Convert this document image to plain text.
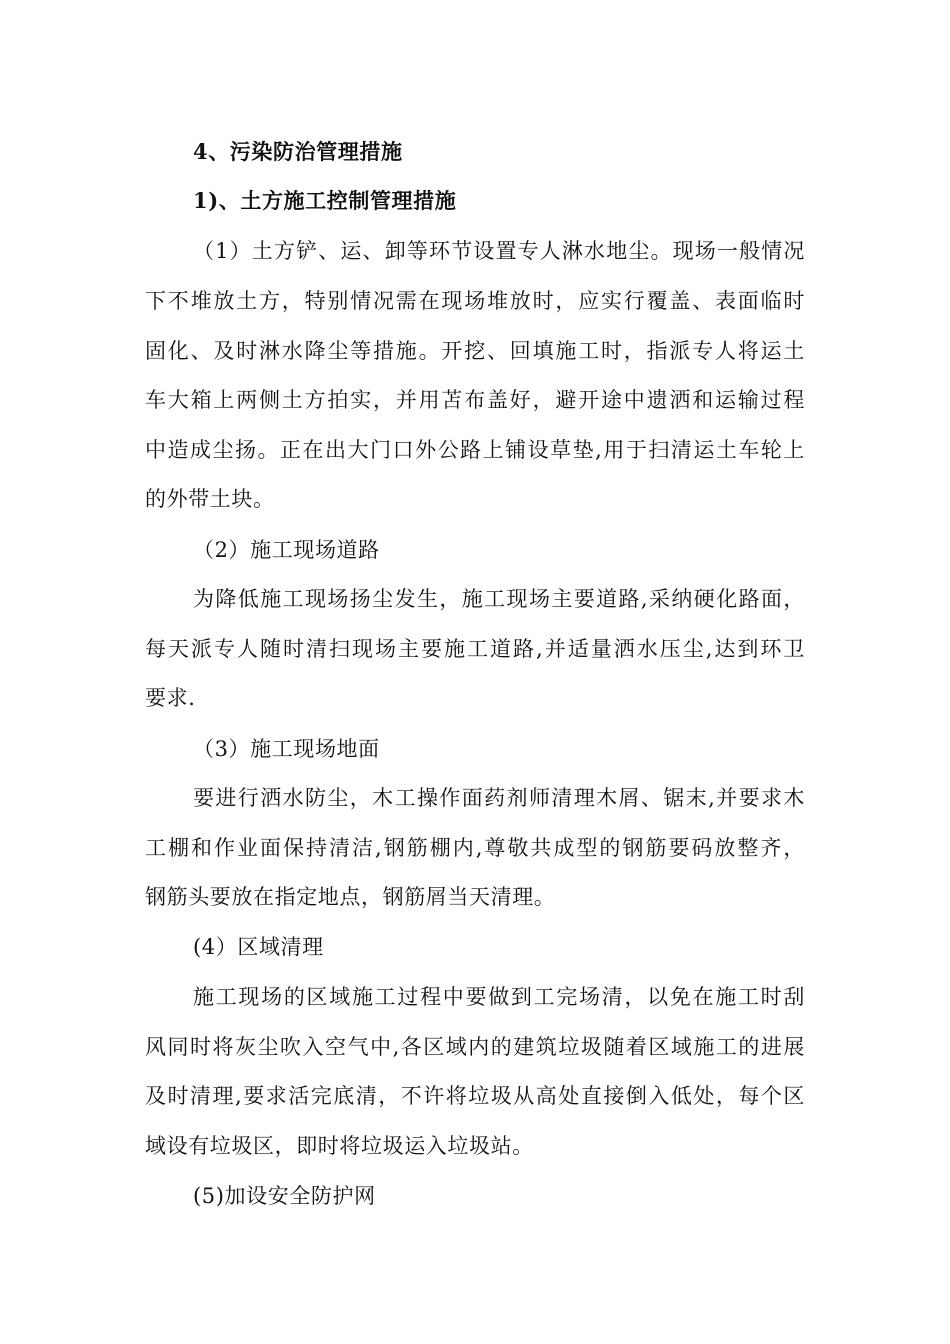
4、污染防治管理措施
1)、土方施工控制管理措施
（1）土方铲、运、卸等环节设置专人淋水地尘。现场一般情况
下不堆放土方，特别情况需在现场堆放时，应实行覆盖、表面临时
固化、及时淋水降尘等措施。开挖、回填施工时，指派专人将运土
车大箱上两侧土方拍实，并用苫布盖好，避开途中遗洒和运输过程
中造成尘扬。正在出大门口外公路上铺设草垫,用于扫清运土车轮上
的外带土块。
（2）施工现场道路
为降低施工现场扬尘发生，施工现场主要道路,采纳硬化路面，
每天派专人随时清扫现场主要施工道路,并适量洒水压尘,达到环卫
要求.
（3）施工现场地面
要进行洒水防尘，木工操作面药剂师清理木屑、锯末,并要求木
工棚和作业面保持清洁,钢筋棚内,尊敬共成型的钢筋要码放整齐，
钢筋头要放在指定地点，钢筋屑当天清理。
(4）区域清理
施工现场的区域施工过程中要做到工完场清，以免在施工时刮
风同时将灰尘吹入空气中,各区域内的建筑垃圾随着区域施工的进展
及时清理,要求活完底清，不许将垃圾从高处直接倒入低处，每个区
域设有垃圾区，即时将垃圾运入垃圾站。
(5)加设安全防护网
